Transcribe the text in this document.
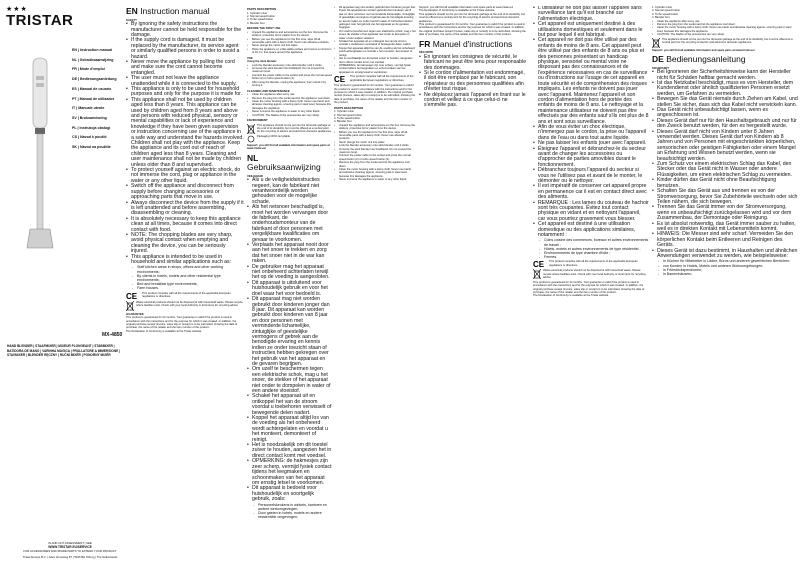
★★★
TRISTAR
EN | Instruction manual
NL | Gebruiksaanwijzing
FR | Mode d'emploi
DE | Bedienungsanleitung
ES | Manual de usuario
PT | Manual de utilizador
IT | Manuale utente
SV | Bruksanvisning
PL | Instrukcja obsługi
CS | Návod k použití
SK | Návod na použitie
MX-4850
HAND BLENDER | STAAFMIXER | MIXEUR PLONGEANT | STABMIXER | BATIDORA DE MANO | VARINHA MÁGICA | FRULLATORE A IMMERSIONE | STAVMIXER | BLENDER RĘCZNY | RUČNÍ MIXÉR | PONORNÝ MIXÉR
IN AND OUT ASSESSMENT | SEE
WWW.TRISTAR.EU/SERVICE
FOR ACCESSORIES AND SPARE PARTS TO EXTEND YOUR PRODUCT
Tristar Europe B.V. | Jules Verneweg 87 | 5015 BH Tilburg | The Netherlands
EN Instruction manual
SAFETY
• By ignoring the safety instructions the manufacturer cannot be held responsible for the damage.
• If the supply cord is damaged, it must be replaced by the manufacturer, its service agent or similarly qualified persons in order to avoid a hazard.
• Never move the appliance by pulling the cord and make sure the cord cannot become entangled.
• The user must not leave the appliance unattended while it is connected to the supply.
• This appliance is only to be used for household purposes and only for the purpose it is made for.
• This appliance shall not be used by children aged less than 8 years. This appliance can be used by children aged from 8 years and above and persons with reduced physical, sensory or mental capabilities or lack of experience and knowledge if they have been given supervision or instruction concerning use of the appliance in a safe way and understand the hazards involved. Children shall not play with the appliance. Keep the appliance and its cord out of reach of children aged less than 8 years. Cleaning and user maintenance shall not be made by children unless older than 8 and supervised.
• To protect yourself against an electric shock, do not immerse the cord, plug or appliance in the water or any other liquid.
• Switch off the appliance and disconnect from supply before changing accessories or approaching parts that move in use.
• Always disconnect the device from the supply if it is left unattended and before assembling, disassembling or cleaning.
• It is absolutely necessary to keep this appliance clean at all times, because it comes into direct contact with food.
• NOTE: The chopping blades are very sharp, avoid physical contact when emptying and cleaning the device, you can be seriously injured.
• This appliance is intended to be used in household and similar applications such as:
- Staff kitchen areas in shops, offices and other working environments;
- By clients in hotels, motels and other residential type environments;
- Bed and breakfast type environments;
- Farm houses.
CE This product complies with all the requirements of the applicable European regulations or directives.
Waste electrical products should not be disposed of with household waste. Please recycle where facilities exist. Check with your local Authority or local store for recycling advice.
GUARANTEE
This product is guaranteed for 24 months. Your guarantee is valid if the product is used in accordance with the instructions and for the purpose for which it was created. In addition, the original purchase receipt (invoice, sales slip or receipt) is to be submitted, showing the date of purchase, the name of the retailer and the item number of the product.
The Declaration of Conformity is available at the Tristar website.
PARTS DESCRIPTION
1. Cylinder mixer
2. Normal speed button
3. Turbo speed button
4. Blender foot
BEFORE THE FIRST USE
• Unpack the appliance and accessories out the box. Remove the stickers, protective foil or plastic from the device.
• Before you use the appliance for the first time, wipe off all removable parts with a damp cloth. Never use abrasive products.
• Never plunge the motor unit into water.
• Place the appliance on a flat stable surface and ensure a minimum of 10 cm. free space around the appliance.
USE
Using the stick blender
• Lock the blender accessory onto stick blender until it clicks.
• Immerse the stick blender into food/liquid. Do not exceed the maximum level.
• Connect the power cable to the socket and press the normal speed button (2) or turbo speed button (3).
• After using the blender, unplug the appliance, then unlock it by turning it.
CLEANING AND MAINTENANCE
• Clean the appliance after every use.
• Remove the plug from the socket and let the appliance cool down.
• Clean the motor housing with a damp cloth. Never use harsh and abrasive cleaning agents, scouring pad or steel wool, because this damages the appliance.
• Never immerse the appliance in water or any other liquid.
• CAUTION: The blades of the accessories are very sharp.
ENVIRONMENT
This appliance should not be put into the domestic garbage at the end of its durability, but must be offered at a central point for the recycling of electric and electronic domestic appliances.
Packaging 100% recyclable
Support: you will find all available information and spare parts at www.tristar.eu!
NL Gebruiksaanwijzing
VEILIGHEID
• Als u de veiligheidsinstructies negeert, kan de fabrikant niet verantwoordelijk worden gehouden voor de mogelijke schade.
• Als het netsnoer beschadigd is, moet het worden vervangen door de fabrikant, de onderhoudsmonteur van de fabrikant of door personen met vergelijkbare kwalificaties om gevaar te voorkomen.
• Verplaats het apparaat nooit door aan het snoer te trekken en zorg dat het snoer niet in de war kan raken.
• De gebruiker mag het apparaat niet onbeheerd achterlaten terwijl het op de voeding is aangesloten.
• Dit apparaat is uitsluitend voor huishoudelijk gebruik en voor het doel waar het voor bedoeld is.
• Dit apparaat mag niet worden gebruikt door kinderen jonger dan 8 jaar. Dit apparaat kan worden gebruikt door kinderen van 8 jaar en door personen met verminderde lichamelijke, zintuiglijke of geestelijke vermogens of gebrek aan de benodigde ervaring en kennis indien ze onder toezicht staan of instructies hebben gekregen over het gebruik van het apparaat en de gevaren begrijpen.
• Om uzelf te beschermen tegen een elektrische schok, mag u het snoer, de stekker of het apparaat niet onder te dompelen in water of een andere vloeistof.
• Schakel het apparaat uit en ontkoppel het van de stroom voordat u toebehoren verwisselt of bewegende delen nadert.
• Koppel het apparaat altijd los van de voeding als het onbeheerd wordt achtergelaten en voordat u het monteert, demonteert of reinigt.
• Het is noodzakelijk om dit toestel zuiver te houden, aangezien het in direct contact komt met voedsel.
• OPMERKING: de hakmesjes zijn zeer scherp, vermijd fysiek contact tijdens het leegmaken en schoonmaken van het apparaat om ernstig letsel te voorkomen.
• Dit apparaat is bedoeld voor huishoudelijk en soortgelijk gebruik, zoals:
- Personeelskeukens in winkels, kantoren en andere werkomgevingen;
- Door gasten in hotels, motels en andere residentiële omgevingen;
• Dit apparaat mag niet worden gebruikt door kinderen jonger dan 8 jaar. Dit apparaat kan worden gebruikt door kinderen van 8 jaar en door personen met verminderde lichamelijke, zintuiglijke of geestelijke vermogens of gebrek aan de benodigde ervaring en kennis indien ze onder toezicht staan of instructies hebben gekregen over het gebruik van het apparaat en de gevaren begrijpen.
• Om uzelf te beschermen tegen een elektrische schok, mag u het snoer, de stekker of het apparaat niet onder te dompelen in water of een andere vloeistof.
• Schakel het apparaat uit en ontkoppel het van de stroom voordat u toebehoren verwisselt of bewegende delen nadert.
• Koppel het apparaat altijd los van de voeding als het onbeheerd wordt achtergelaten en voordat u het monteert, demonteert of reinigt.
• Het is noodzakelijk om dit toestel zuiver te houden, aangezien het in direct contact komt met voedsel.
• OPMERKING: de hakmesjes zijn zeer scherp, vermijd fysiek contact tijdens het leegmaken en schoonmaken van het apparaat om ernstig letsel te voorkomen.
CE This product complies with all the requirements of the applicable European regulations or directives.
This product is guaranteed for 24 months. Your guarantee is valid if the product is used in accordance with the instructions and for the purpose for which it was created. In addition, the original purchase receipt (invoice, sales slip or receipt) is to be submitted, showing the date of purchase, the name of the retailer and the item number of the product.
PARTS DESCRIPTION
1. Cylinder mixer
2. Normal speed button
3. Turbo speed button
4. Blender foot
• Unpack the appliance and accessories out the box. Remove the stickers, protective foil or plastic from the device.
• Before you use the appliance for the first time, wipe off all removable parts with a damp cloth. Never use abrasive products.
• Never plunge the motor unit into water.
• Lock the blender accessory onto stick blender until it clicks.
• Immerse the stick blender into food/liquid. Do not exceed the maximum level.
• Connect the power cable to the socket and press the normal speed button (2) or turbo speed button (3).
• Remove the plug from the socket and let the appliance cool down.
• Clean the motor housing with a damp cloth. Never use harsh and abrasive cleaning agents, scouring pad or steel wool, because this damages the appliance.
• Never immerse the appliance in water or any other liquid.
Support: you will find all available information and spare parts at www.tristar.eu!
The Declaration of Conformity is available at the Tristar website.
This appliance should not be put into the domestic garbage at the end of its durability, but must be offered at a central point for the recycling of electric and electronic domestic appliances.
This product is guaranteed for 24 months. Your guarantee is valid if the product is used in accordance with the instructions and for the purpose for which it was created. In addition, the original purchase receipt (invoice, sales slip or receipt) is to be submitted, showing the date of purchase, the name of the retailer and the item number of the product.
FR Manuel d'instructions
SÉCURITÉ
• En ignorant les consignes de sécurité, le fabricant ne peut être tenu pour responsable des dommages.
• Si le cordon d'alimentation est endommagé, il doit être remplacé par le fabricant, son réparateur ou des personnes qualifiées afin d'éviter tout risque.
• Ne déplacez jamais l'appareil en tirant sur le cordon et veillez à ce que celui-ci ne s'emmêle pas.
• L'utilisateur ne doit pas laisser l'appareil sans surveillance tant qu'il est branché sur l'alimentation électrique.
• Cet appareil est uniquement destiné à des utilisations domestiques et seulement dans le but pour lequel il est fabriqué.
• Cet appareil ne doit pas être utilisé par des enfants de moins de 8 ans. Cet appareil peut être utilisé par des enfants de 8 ans ou plus et des personnes présentant un handicap physique, sensoriel ou mental voire ne disposant pas des connaissances et de l'expérience nécessaires en cas de surveillance ou d'instructions sur l'usage de cet appareil en toute sécurité et de compréhension des risques impliqués. Les enfants ne doivent pas jouer avec l'appareil. Maintenez l'appareil et son cordon d'alimentation hors de portée des enfants de moins de 8 ans. Le nettoyage et la maintenance utilisateur ne doivent pas être effectués par des enfants sauf s'ils ont plus de 8 ans et sont sous surveillance.
• Afin de vous éviter un choc électrique, n'immergez pas le cordon, la prise ou l'appareil dans de l'eau ou dans tout autre liquide.
• Ne pas laisser les enfants jouer avec l'appareil.
• Éteignez l'appareil et débranchez-le du secteur avant de changer les accessoires ou d'approcher de parties amovibles durant le fonctionnement.
• Débranchez toujours l'appareil du secteur si vous ne l'utilisez pas et avant de le monter, le démonter ou le nettoyer.
• Il est impératif de conserver cet appareil propre en permanence car il est en contact direct avec des aliments.
• REMARQUE : Les lames du couteau de hachoir sont très coupantes. Évitez tout contact physique en vidant et en nettoyant l'appareil, car vous pourriez gravement vous blesser.
• Cet appareil est destiné à une utilisation domestique ou des applications similaires, notamment :
- Coins cuisine des commerces, bureaux et autres environnements de travail ;
- Hôtels, motels et autres environnements de type résidentiel ;
- Environnements de type chambre d'hôte ;
- Fermes.
CE This product complies with all the requirements of the applicable European regulations or directives.
Waste electrical products should not be disposed of with household waste. Please recycle where facilities exist. Check with your local Authority or local store for recycling advice.
This product is guaranteed for 24 months. Your guarantee is valid if the product is used in accordance with the instructions and for the purpose for which it was created. In addition, the original purchase receipt (invoice, sales slip or receipt) is to be submitted, showing the date of purchase, the name of the retailer and the item number of the product.
The Declaration of Conformity is available at the Tristar website.
1. Cylinder mixer
2. Normal speed button
3. Turbo speed button
4. Blender foot
• Clean the appliance after every use.
• Remove the plug from the socket and let the appliance cool down.
• Clean the motor housing with a damp cloth. Never use harsh and abrasive cleaning agents, scouring pad or steel wool, because this damages the appliance.
• CAUTION: The blades of the accessories are very sharp.
This appliance should not be put into the domestic garbage at the end of its durability, but must be offered at a central point for the recycling of electric and electronic domestic appliances.
Support: you will find all available information and spare parts at www.tristar.eu!
DE Bedienungsanleitung
SICHERHEIT
• Bei Ignorieren der Sicherheitshinweise kann der Hersteller nicht für Schäden haftbar gemacht werden.
• Ist das Netzkabel beschädigt, muss es vom Hersteller, dem Kundendienst oder ähnlich qualifizierten Personen ersetzt werden, um Gefahren zu vermeiden.
• Bewegen Sie das Gerät niemals durch Ziehen am Kabel, und stellen Sie sicher, dass sich das Kabel nicht verwickeln kann.
• Das Gerät nicht unbeaufsichtigt lassen, wenn es angeschlossen ist.
• Dieses Gerät darf nur für den Haushaltsgebrauch und nur für den Zweck benutzt werden, für den es hergestellt wurde.
• Dieses Gerät darf nicht von Kindern unter 8 Jahren verwendet werden. Dieses Gerät darf von Kindern ab 8 Jahren und von Personen mit eingeschränkten körperlichen, sensorischen oder geistigen Fähigkeiten oder einem Mangel an Erfahrung und Wissen benutzt werden, wenn sie beaufsichtigt werden.
• Zum Schutz vor einem elektrischen Schlag das Kabel, den Stecker oder das Gerät nicht in Wasser oder andere Flüssigkeiten, um einen elektrischen Schlag zu vermeiden.
• Kinder dürfen das Gerät nicht ohne Beaufsichtigung benutzen.
• Schalten Sie das Gerät aus und trennen es von der Stromversorgung, bevor Sie Zubehörteile wechseln oder sich Teilen nähern, die sich bewegen.
• Trennen Sie das Gerät immer von der Stromversorgung, wenn es unbeaufsichtigt zurückgelassen wird und vor dem Zusammenbau, der Demontage oder Reinigung.
• Es ist absolut notwendig, das Gerät immer sauber zu halten, weil es in direkten Kontakt mit Lebensmitteln kommt.
• HINWEIS: Die Messer sind sehr scharf. Vermeiden Sie den körperlichen Kontakt beim Entleeren und Reinigen des Geräts.
• Dieses Gerät ist dazu bestimmt, in Haushalten und ähnlichen Anwendungen verwendet zu werden, wie beispielsweise:
- In Küchen für Mitarbeiter in Läden, Büros und anderen gewerblichen Bereichen;
- von Kunden in Hotels, Motels und anderen Wohnumgebungen;
- in Frühstückspensionen;
- in Bauernhäusern.
